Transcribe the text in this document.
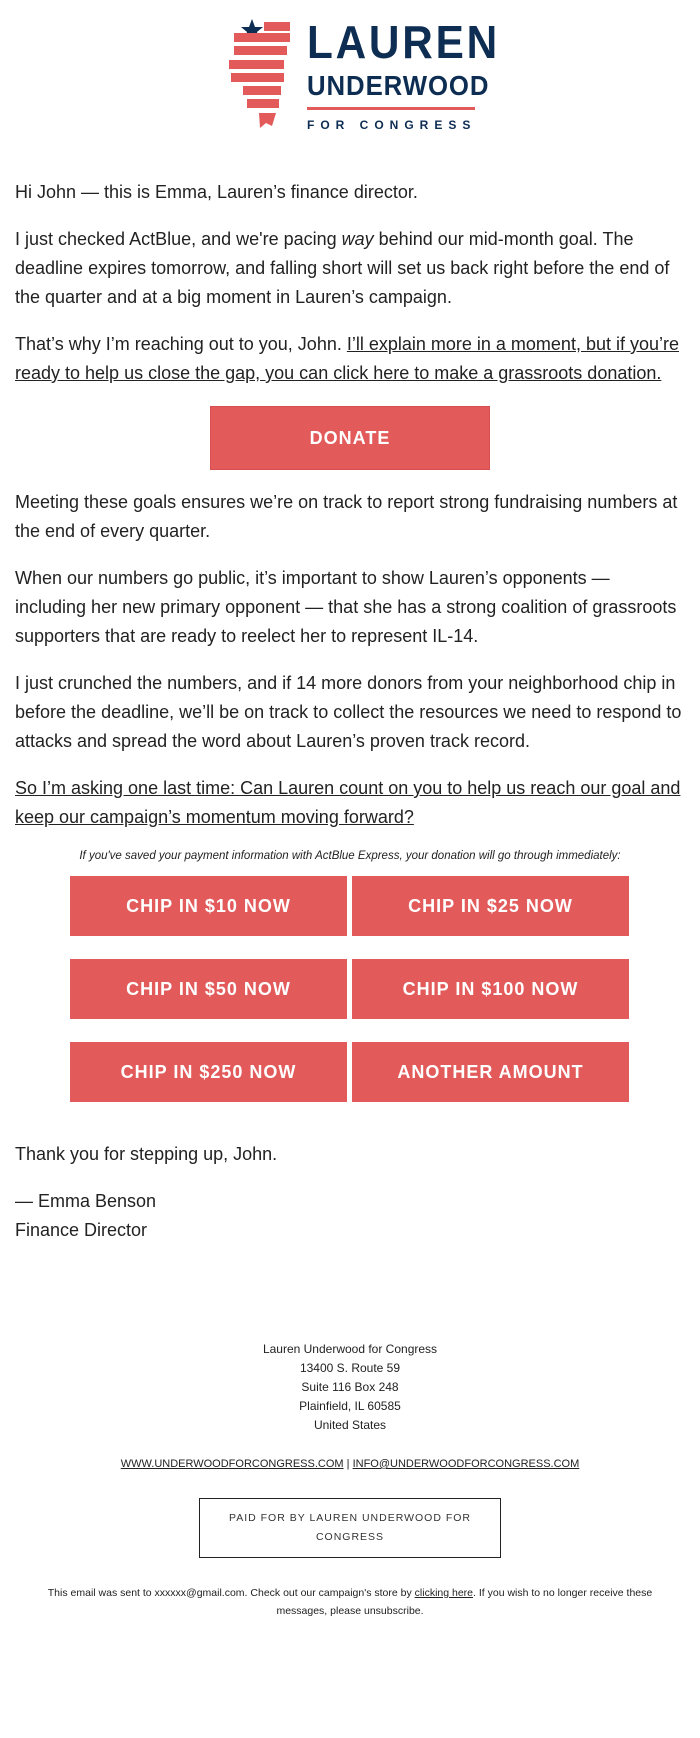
LAUREN
UNDERWOOD
FOR CONGRESS

Hi John — this is Emma, Lauren’s finance director.

I just checked ActBlue, and we're pacing way behind our mid-month goal. The deadline expires tomorrow, and falling short will set us back right before the end of the quarter and at a big moment in Lauren’s campaign.

That’s why I’m reaching out to you, John. I’ll explain more in a moment, but if you’re ready to help us close the gap, you can click here to make a grassroots donation.

DONATE

Meeting these goals ensures we’re on track to report strong fundraising numbers at the end of every quarter.

When our numbers go public, it’s important to show Lauren’s opponents — including her new primary opponent — that she has a strong coalition of grassroots supporters that are ready to reelect her to represent IL-14.

I just crunched the numbers, and if 14 more donors from your neighborhood chip in before the deadline, we’ll be on track to collect the resources we need to respond to attacks and spread the word about Lauren’s proven track record.

So I’m asking one last time: Can Lauren count on you to help us reach our goal and keep our campaign’s momentum moving forward?

If you've saved your payment information with ActBlue Express, your donation will go through immediately:
CHIP IN $10 NOW	CHIP IN $25 NOW
CHIP IN $50 NOW	CHIP IN $100 NOW
CHIP IN $250 NOW	ANOTHER AMOUNT

Thank you for stepping up, John.

— Emma Benson
Finance Director

Lauren Underwood for Congress
13400 S. Route 59
Suite 116 Box 248
Plainfield, IL 60585
United States
WWW.UNDERWOODFORCONGRESS.COM | INFO@UNDERWOODFORCONGRESS.COM
PAID FOR BY LAUREN UNDERWOOD FOR CONGRESS
This email was sent to xxxxxx@gmail.com. Check out our campaign's store by clicking here. If you wish to no longer receive these messages, please unsubscribe.
